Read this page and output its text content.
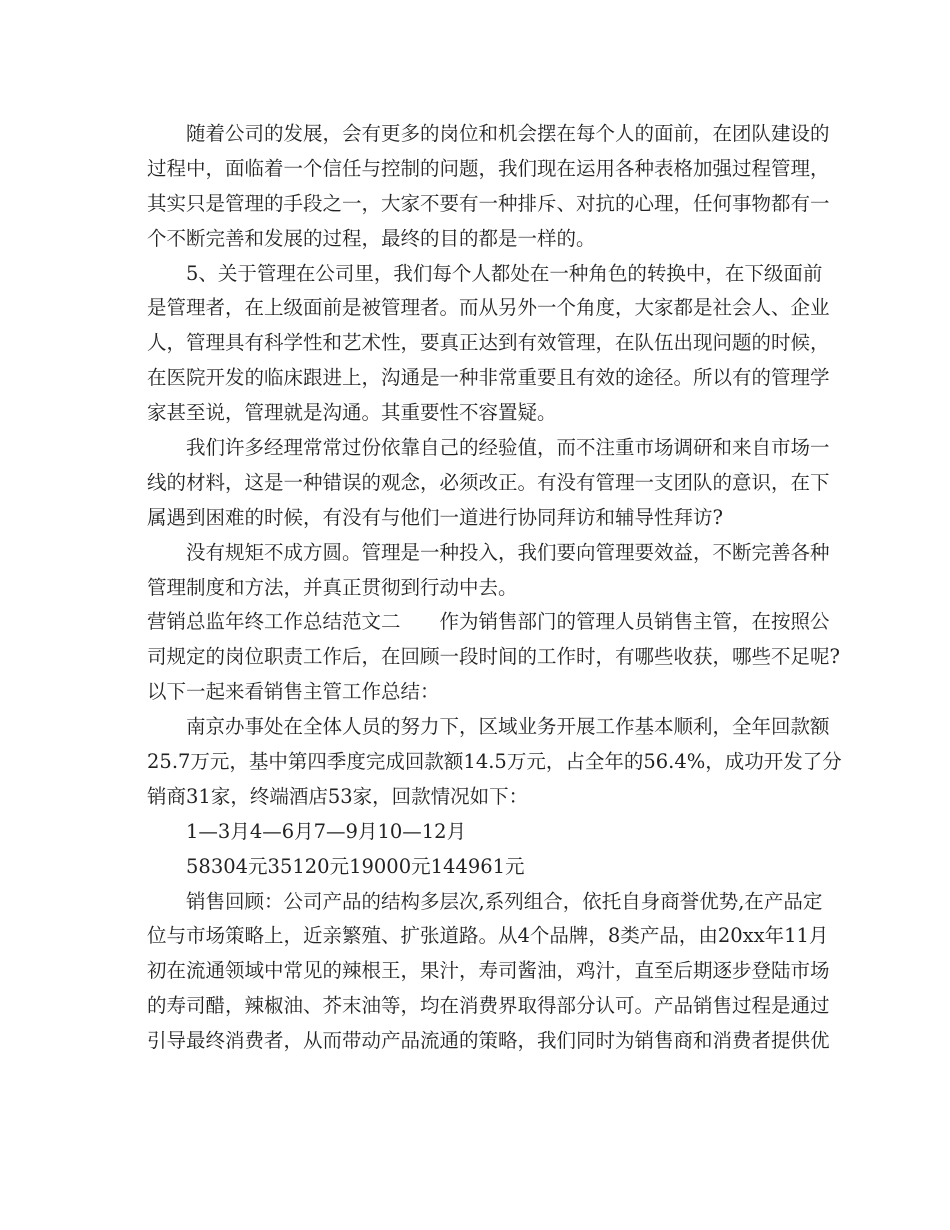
随着公司的发展，会有更多的岗位和机会摆在每个人的面前，在团队建设的
过程中，面临着一个信任与控制的问题，我们现在运用各种表格加强过程管理，
其实只是管理的手段之一，大家不要有一种排斥、对抗的心理，任何事物都有一
个不断完善和发展的过程，最终的目的都是一样的。
5、关于管理在公司里，我们每个人都处在一种角色的转换中，在下级面前
是管理者，在上级面前是被管理者。而从另外一个角度，大家都是社会人、企业
人，管理具有科学性和艺术性，要真正达到有效管理，在队伍出现问题的时候，
在医院开发的临床跟进上，沟通是一种非常重要且有效的途径。所以有的管理学
家甚至说，管理就是沟通。其重要性不容置疑。
我们许多经理常常过份依靠自己的经验值，而不注重市场调研和来自市场一
线的材料，这是一种错误的观念，必须改正。有没有管理一支团队的意识，在下
属遇到困难的时候，有没有与他们一道进行协同拜访和辅导性拜访?
没有规矩不成方圆。管理是一种投入，我们要向管理要效益，不断完善各种
管理制度和方法，并真正贯彻到行动中去。
营销总监年终工作总结范文二　　作为销售部门的管理人员销售主管，在按照公
司规定的岗位职责工作后，在回顾一段时间的工作时，有哪些收获，哪些不足呢?
以下一起来看销售主管工作总结：
南京办事处在全体人员的努力下，区域业务开展工作基本顺利，全年回款额
25.7万元，基中第四季度完成回款额14.5万元，占全年的56.4%，成功开发了分
销商31家，终端酒店53家，回款情况如下：
1—3月4—6月7—9月10—12月
58304元35120元19000元144961元
销售回顾：公司产品的结构多层次,系列组合，依托自身商誉优势,在产品定
位与市场策略上，近亲繁殖、扩张道路。从4个品牌，8类产品，由20xx年11月
初在流通领域中常见的辣根王，果汁，寿司酱油，鸡汁，直至后期逐步登陆市场
的寿司醋，辣椒油、芥末油等，均在消费界取得部分认可。产品销售过程是通过
引导最终消费者，从而带动产品流通的策略，我们同时为销售商和消费者提供优
